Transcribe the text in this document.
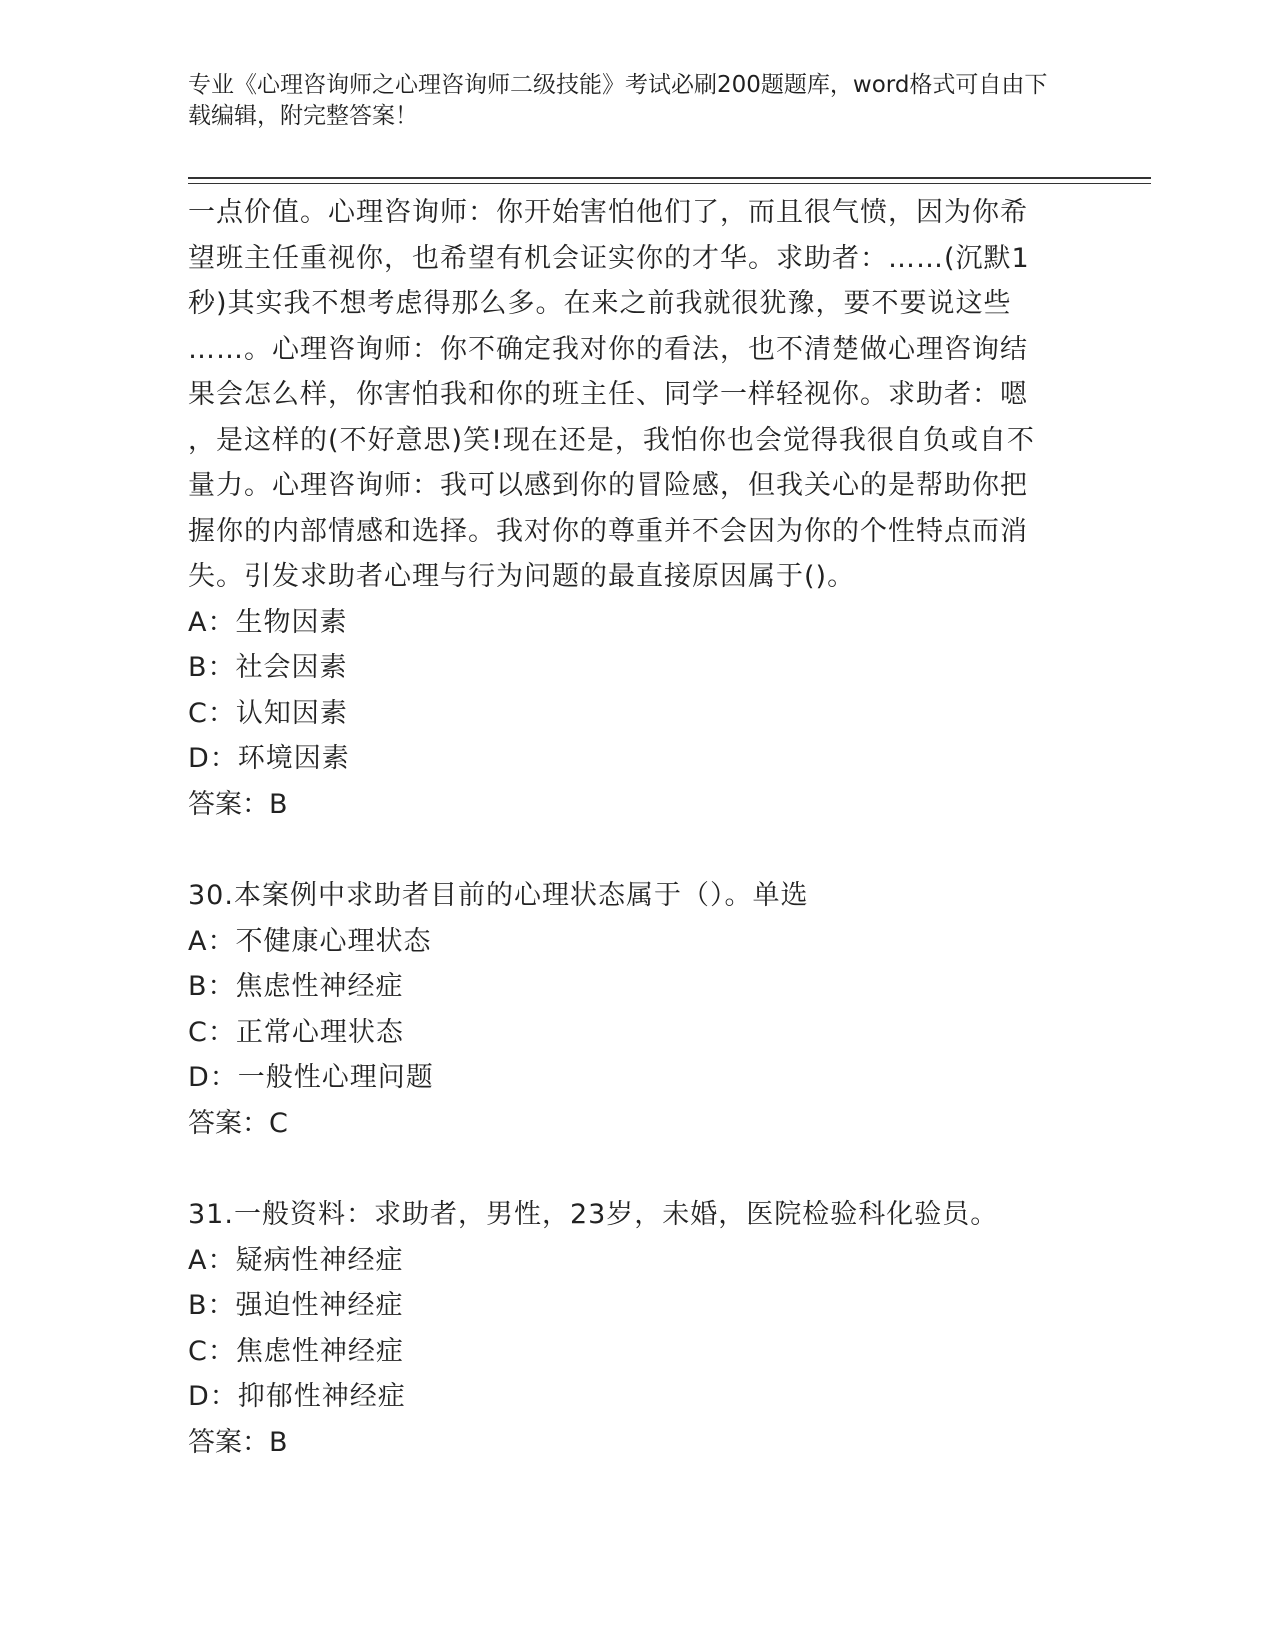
专业《心理咨询师之心理咨询师二级技能》考试必刷200题题库，word格式可自由下载编辑，附完整答案！

一点价值。心理咨询师：你开始害怕他们了，而且很气愤，因为你希

望班主任重视你，也希望有机会证实你的才华。求助者：……(沉默1

秒)其实我不想考虑得那么多。在来之前我就很犹豫，要不要说这些

……。心理咨询师：你不确定我对你的看法，也不清楚做心理咨询结

果会怎么样，你害怕我和你的班主任、同学一样轻视你。求助者：嗯

，是这样的(不好意思)笑!现在还是，我怕你也会觉得我很自负或自不

量力。心理咨询师：我可以感到你的冒险感，但我关心的是帮助你把

握你的内部情感和选择。我对你的尊重并不会因为你的个性特点而消

失。引发求助者心理与行为问题的最直接原因属于()。

A：生物因素

B：社会因素

C：认知因素

D：环境因素

答案：B

30.本案例中求助者目前的心理状态属于（）。单选

A：不健康心理状态

B：焦虑性神经症

C：正常心理状态

D：一般性心理问题

答案：C

31.一般资料：求助者，男性，23岁，未婚，医院检验科化验员。

A：疑病性神经症

B：强迫性神经症

C：焦虑性神经症

D：抑郁性神经症

答案：B
